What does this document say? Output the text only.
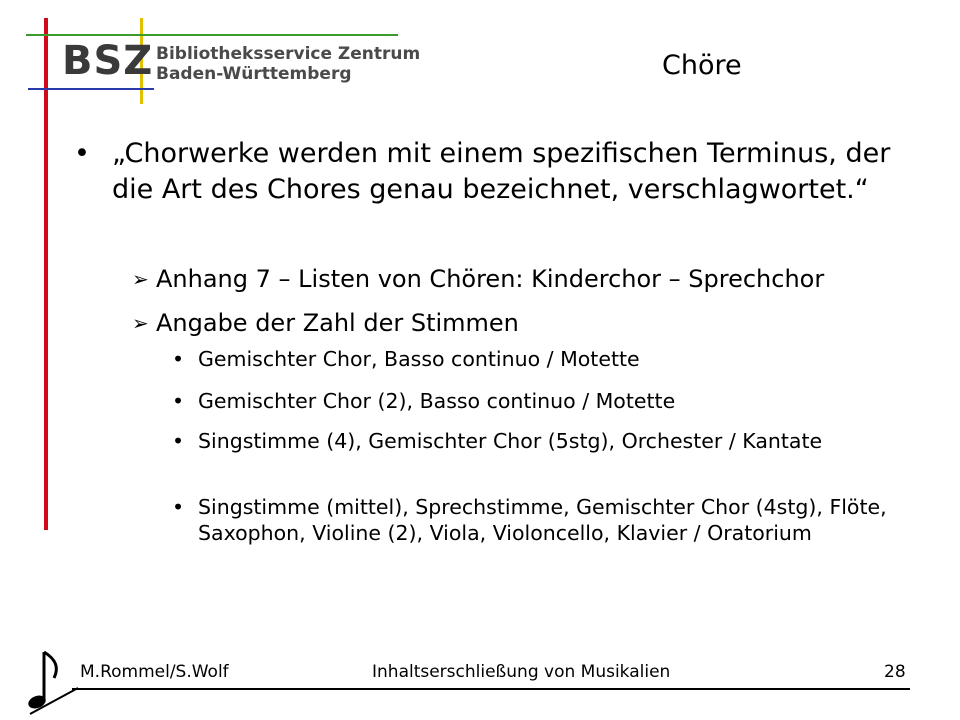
BSZ Bibliotheksservice Zentrum
Baden-Württemberg	Chöre
• „Chorwerke werden mit einem spezifischen Terminus, der die Art des Chores genau bezeichnet, verschlagwortet.“
➢ Anhang 7 – Listen von Chören: Kinderchor – Sprechchor
➢ Angabe der Zahl der Stimmen
• Gemischter Chor, Basso continuo / Motette
• Gemischter Chor (2), Basso continuo / Motette
• Singstimme (4), Gemischter Chor (5stg), Orchester / Kantate
• Singstimme (mittel), Sprechstimme, Gemischter Chor (4stg), Flöte, Saxophon, Violine (2), Viola, Violoncello, Klavier / Oratorium
M.Rommel/S.Wolf	Inhaltserschließung von Musikalien	28
